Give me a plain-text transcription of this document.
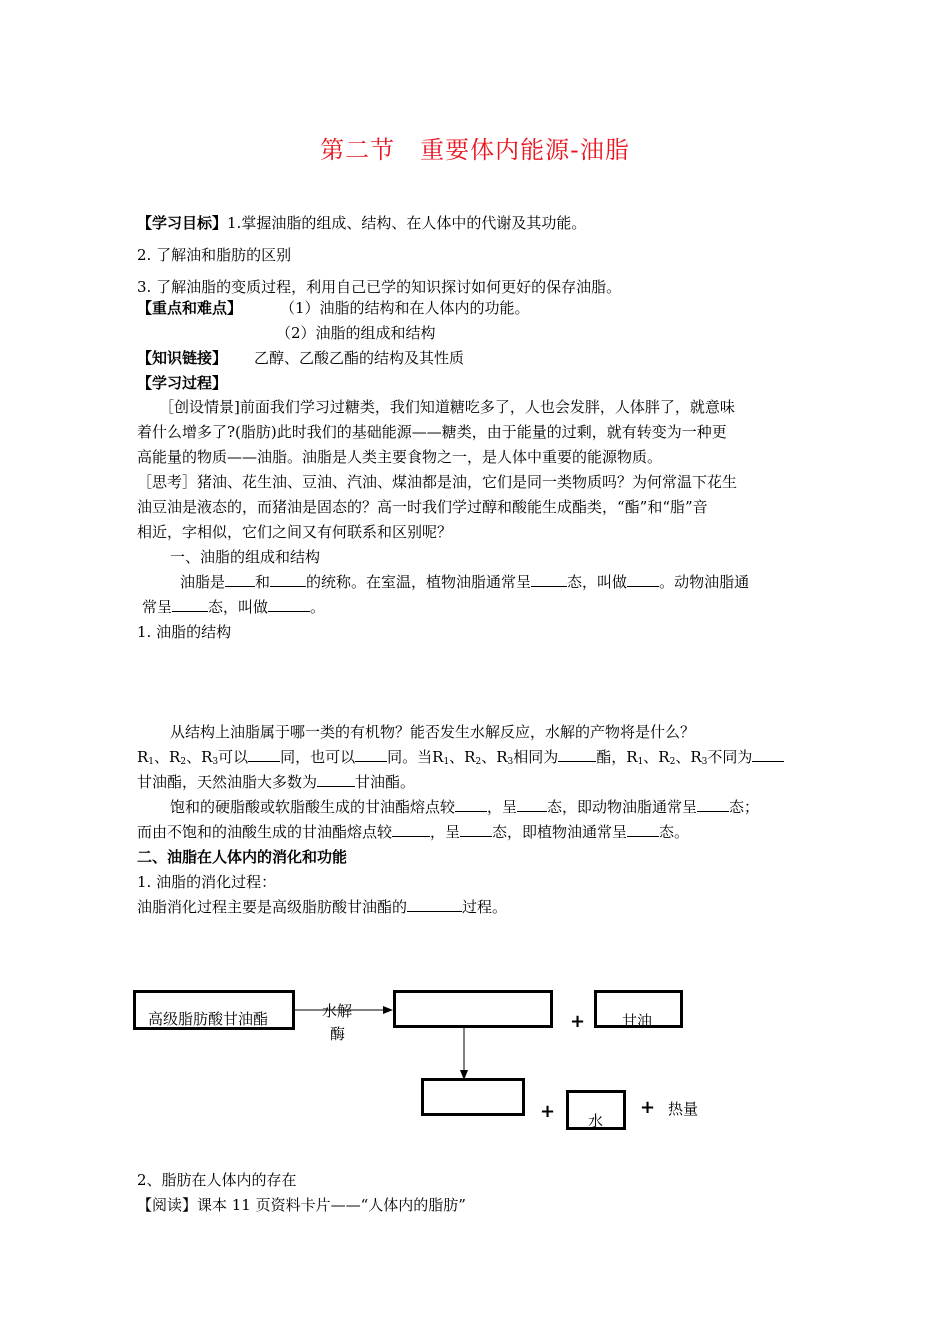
第二节　重要体内能源-油脂
【学习目标】1.掌握油脂的组成、结构、在人体中的代谢及其功能。
2. 了解油和脂肪的区别
3. 了解油脂的变质过程，利用自己已学的知识探讨如何更好的保存油脂。
【重点和难点】	（1）油脂的结构和在人体内的功能。
（2）油脂的组成和结构
【知识链接】 乙醇、乙酸乙酯的结构及其性质
【学习过程】
［创设情景]前面我们学习过糖类，我们知道糖吃多了，人也会发胖，人体胖了，就意味
着什么增多了?(脂肪)此时我们的基础能源——糖类，由于能量的过剩，就有转变为一种更
高能量的物质——油脂。油脂是人类主要食物之一，是人体中重要的能源物质。
［思考］猪油、花生油、豆油、汽油、煤油都是油，它们是同一类物质吗？为何常温下花生
油豆油是液态的，而猪油是固态的？高一时我们学过醇和酸能生成酯类，“酯”和“脂”音
相近，字相似，它们之间又有何联系和区别呢？
一、油脂的组成和结构
油脂是 和 的统称。在室温，植物油脂通常呈 态，叫做 。动物油脂通
常呈 态，叫做	。
1. 油脂的结构
从结构上油脂属于哪一类的有机物？能否发生水解反应，水解的产物将是什么？
$R_1$、$R_2$、$R_3$可以 同，也可以 同。当$R_1$、$R_2$、$R_3$相同为	酯，$R_1$、$R_2$、$R_3$不同为
甘油酯，天然油脂大多数为	甘油酯。
饱和的硬脂酸或软脂酸生成的甘油酯熔点较 ，呈 态，即动物油脂通常呈 态；
而由不饱和的油酸生成的甘油酯熔点较	，呈 态，即植物油通常呈 态。
二、油脂在人体内的消化和功能
1. 油脂的消化过程：
油脂消化过程主要是高级脂肪酸甘油酯的	过程。
高级脂肪酸甘油酯	水解
酶
+ 甘油
+ 水
+ 热量
2、脂肪在人体内的存在
【阅读】课本 11 页资料卡片——“人体内的脂肪”
